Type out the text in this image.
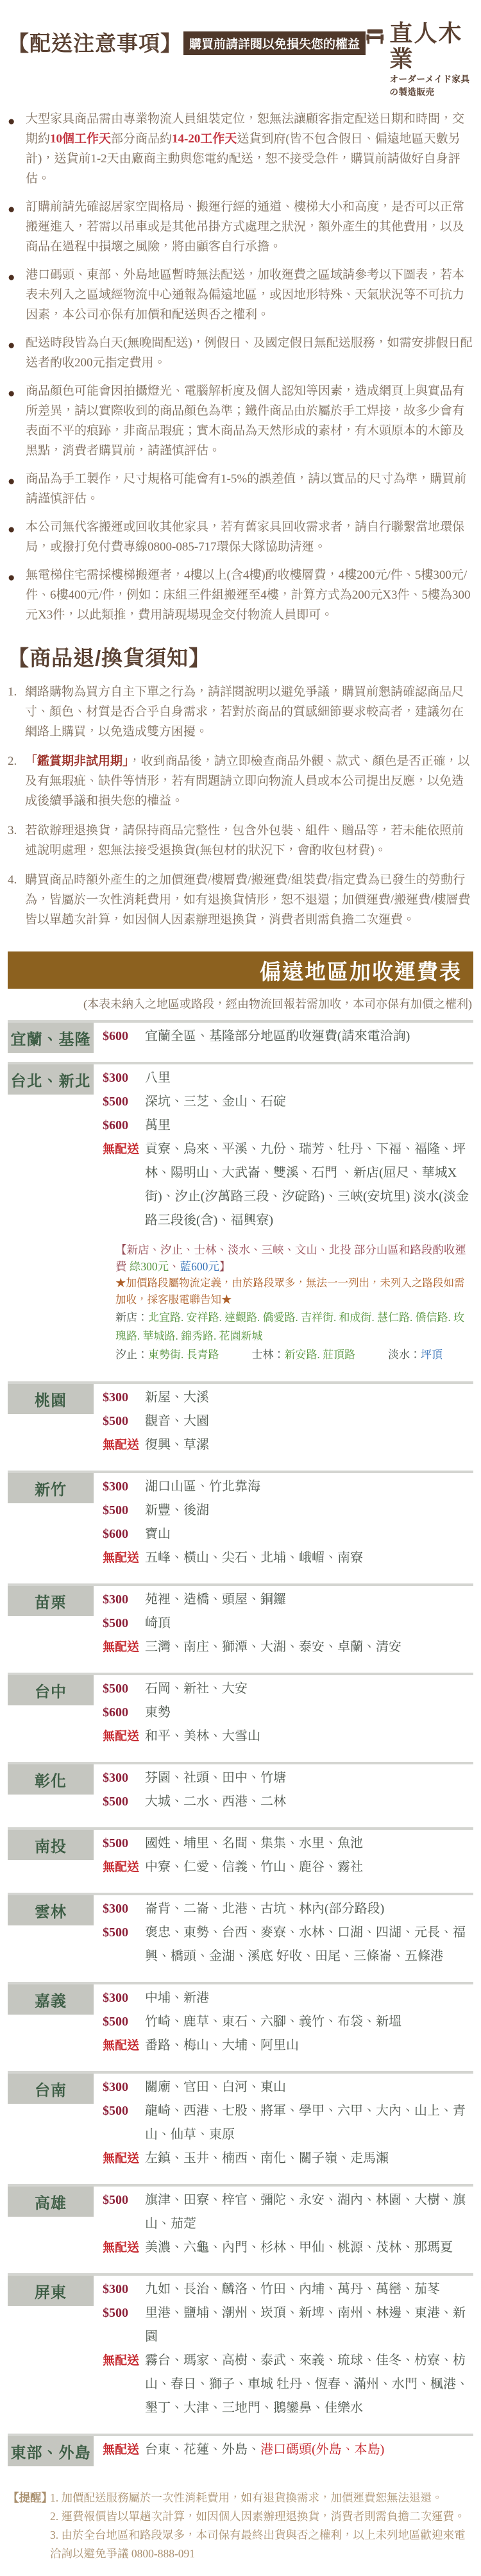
【配送注意事項】 購買前請詳閱以免損失您的權益 直人木業
オーダーメイド家具の製造販売
● 大型家具商品需由專業物流人員組裝定位，恕無法讓顧客指定配送日期和時間，交期約10個工作天部分商品約14-20工作天送貨到府(皆不包含假日、偏遠地區天數另計)，送貨前1-2天由廠商主動與您電約配送，恕不接受急件，購買前請做好自身評估。
● 訂購前請先確認居家空間格局、搬運行經的通道、樓梯大小和高度，是否可以正常搬運進入，若需以吊車或是其他吊掛方式處理之狀況，額外產生的其他費用，以及商品在過程中損壞之風險，將由顧客自行承擔。
● 港口碼頭、東部、外島地區暫時無法配送，加收運費之區域請參考以下圖表，若本表未列入之區域經物流中心通報為偏遠地區，或因地形特殊、天氣狀況等不可抗力因素，本公司亦保有加價和配送與否之權利。
● 配送時段皆為白天(無晚間配送)，例假日、及國定假日無配送服務，如需安排假日配送者酌收200元指定費用。
● 商品顏色可能會因拍攝燈光、電腦解析度及個人認知等因素，造成網頁上與實品有所差異，請以實際收到的商品顏色為準；鐵件商品由於屬於手工焊接，故多少會有表面不平的痕跡，非商品瑕疵；實木商品為天然形成的素材，有木頭原本的木節及黑點，消費者購買前，請謹慎評估。
● 商品為手工製作，尺寸規格可能會有1-5%的誤差值，請以實品的尺寸為準，購買前請謹慎評估。
● 本公司無代客搬運或回收其他家具，若有舊家具回收需求者，請自行聯繫當地環保局，或撥打免付費專線0800-085-717環保大隊協助清運。
● 無電梯住宅需採樓梯搬運者，4樓以上(含4樓)酌收樓層費，4樓200元/件、5樓300元/件、6樓400元/件，例如：床組三件組搬運至4樓，計算方式為200元X3件、5樓為300元X3件，以此類推，費用請現場現金交付物流人員即可。
【商品退/換貨須知】
1. 網路購物為買方自主下單之行為，請詳閱說明以避免爭議，購買前懇請確認商品尺寸、顏色、材質是否合乎自身需求，若對於商品的質感細節要求較高者，建議勿在網路上購買，以免造成雙方困擾。
2. 「鑑賞期非試用期」，收到商品後，請立即檢查商品外觀、款式、顏色是否正確，以及有無瑕疵、缺件等情形，若有問題請立即向物流人員或本公司提出反應，以免造成後續爭議和損失您的權益。
3. 若欲辦理退換貨，請保持商品完整性，包含外包裝、組件、贈品等，若未能依照前述說明處理，恕無法接受退換貨(無包材的狀況下，會酌收包材費)。
4. 購買商品時額外產生的之加價運費/樓層費/搬運費/組裝費/指定費為已發生的勞動行為，皆屬於一次性消耗費用，如有退換貨情形，恕不退還；加價運費/搬運費/樓層費皆以單趟次計算，如因個人因素辦理退換貨，消費者則需負擔二次運費。
偏遠地區加收運費表
(本表未納入之地區或路段，經由物流回報若需加收，本司亦保有加價之權利)
宜蘭、基隆 $600	宜蘭全區、基隆部分地區酌收運費(請來電洽詢)
台北、新北 $300	八里
$500	深坑、三芝、金山、石碇
$600	萬里
無配送 貢寮、烏來、平溪、九份、瑞芳、牡丹、下福、福隆、坪林、陽明山、大武崙、雙溪、石門 、新店(屈尺、華城X街)、汐止(汐萬路三段、汐碇路)、三峽(安坑里) 淡水(淡金路三段後(含)、福興寮)
【新店、汐止、士林、淡水、三峽、文山、北投 部分山區和路段酌收運費 綠300元、藍600元】
★加價路段屬物流定義，由於路段眾多，無法一一列出，未列入之路段如需加收，採客服電聯告知★
新店：北宜路. 安祥路. 達觀路. 僑愛路. 吉祥街. 和成街. 慧仁路. 僑信路. 玫瑰路. 華城路. 錦秀路. 花園新城
汐止：東勢街. 長青路　　　士林：新安路. 莊頂路　　　淡水：坪頂
桃園	$300	新屋、大溪
$500	觀音、大園
無配送 復興、草漯
新竹	$300	湖口山區、竹北靠海
$500	新豐、後湖
$600	寶山
無配送 五峰、橫山、尖石、北埔、峨嵋、南寮
苗栗	$300	苑裡、造橋、頭屋、銅鑼
$500	崎頂
無配送 三灣、南庄、獅潭、大湖、泰安、卓蘭、清安
台中	$500	石岡、新社、大安
$600	東勢
無配送 和平、美林、大雪山
彰化	$300	芬園、社頭、田中、竹塘
$500	大城、二水、西港、二林
南投	$500	國姓、埔里、名間、集集、水里、魚池
無配送 中寮、仁愛、信義、竹山、鹿谷、霧社
雲林	$300	崙背、二崙、北港、古坑、林內(部分路段)
$500	褒忠、東勢、台西、麥寮、水林、口湖、四湖、元長、福興、橋頭、金湖、溪底 好收、田尾、三條崙、五條港
嘉義	$300	中埔、新港
$500	竹崎、鹿草、東石、六腳、義竹、布袋、新塭
無配送 番路、梅山、大埔、阿里山
台南	$300	關廟、官田、白河、東山
$500	龍崎、西港、七股、將軍、學甲、六甲、大內、山上、青山、仙草、東原
無配送 左鎮、玉井、楠西、南化、關子嶺、走馬瀨
高雄	$500	旗津、田寮、梓官、彌陀、永安、湖內、林園、大樹、旗山、茄萣
無配送 美濃、六龜、內門、杉林、甲仙、桃源、茂林、那瑪夏
屏東	$300	九如、長治、麟洛、竹田、內埔、萬丹、萬巒、茄苳
$500	里港、鹽埔、潮州、崁頂、新埤、南州、林邊、東港、新園
無配送 霧台、瑪家、高樹、泰武、來義、琉球、佳冬、枋寮、枋山、春日、獅子、車城 牡丹、恆春、滿州、水門、楓港、墾丁、大津、三地門、鵝鑾鼻、佳樂水
東部、外島 無配送 台東、花蓮、外島、港口碼頭(外島、本島)
【提醒】
1. 加價配送服務屬於一次性消耗費用，如有退貨換需求，加價運費恕無法退還。
2. 運費報價皆以單趟次計算，如因個人因素辦理退換貨，消費者則需負擔二次運費。
3. 由於全台地區和路段眾多，本司保有最終出貨與否之權利，以上未列地區歡迎來電洽詢以避免爭議 0800-888-091
